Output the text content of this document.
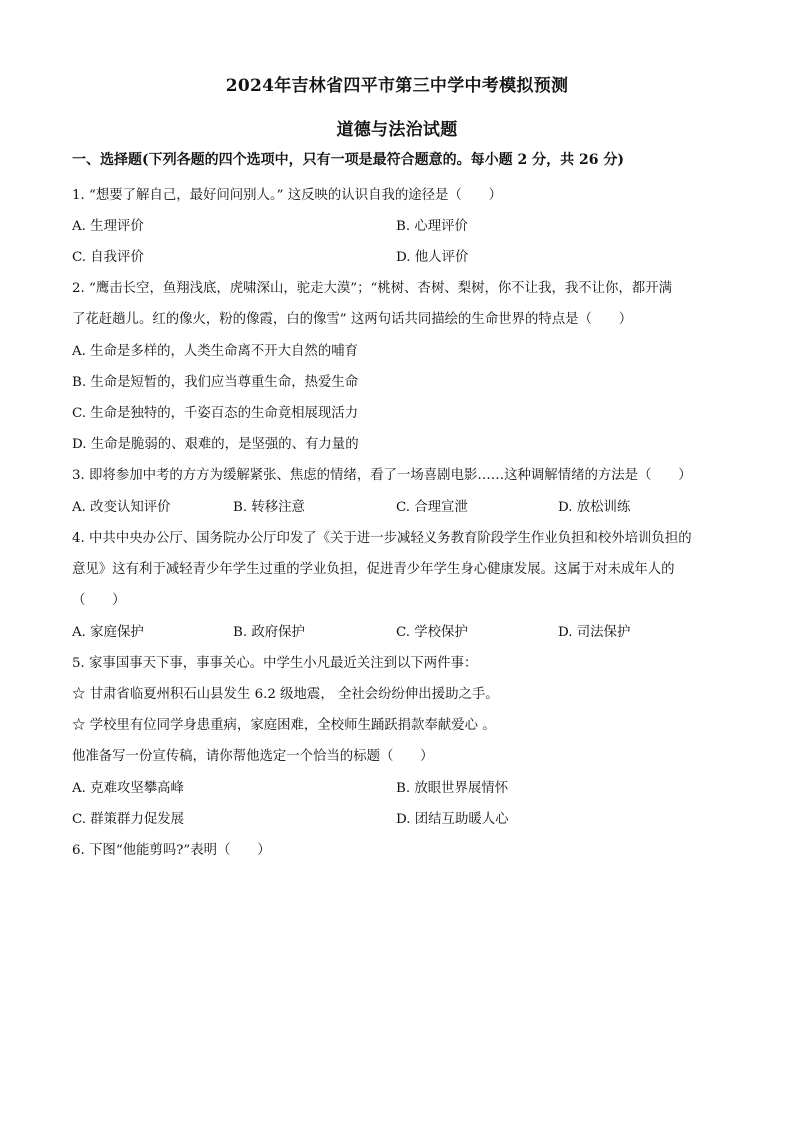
2024年吉林省四平市第三中学中考模拟预测
道德与法治试题
一、选择题(下列各题的四个选项中，只有一项是最符合题意的。每小题 2 分，共 26 分)
1. “想要了解自己，最好问问别人。” 这反映的认识自我的途径是（　　）
A. 生理评价	B. 心理评价
C. 自我评价	D. 他人评价
2. “鹰击长空，鱼翔浅底，虎啸深山，驼走大漠”；“桃树、杏树、梨树，你不让我，我不让你，都开满
了花赶趟儿。红的像火，粉的像霞，白的像雪” 这两句话共同描绘的生命世界的特点是（　　）
A. 生命是多样的，人类生命离不开大自然的哺育
B. 生命是短暂的，我们应当尊重生命，热爱生命
C. 生命是独特的，千姿百态的生命竟相展现活力
D. 生命是脆弱的、艰难的，是坚强的、有力量的
3. 即将参加中考的方方为缓解紧张、焦虑的情绪，看了一场喜剧电影……这种调解情绪的方法是（　　）
A. 改变认知评价	B. 转移注意	C. 合理宣泄	D. 放松训练
4. 中共中央办公厅、国务院办公厅印发了《关于进一步减轻义务教育阶段学生作业负担和校外培训负担的
意见》这有利于减轻青少年学生过重的学业负担，促进青少年学生身心健康发展。这属于对未成年人的
（　　）
A. 家庭保护	B. 政府保护	C. 学校保护	D. 司法保护
5. 家事国事天下事，事事关心。中学生小凡最近关注到以下两件事：
☆ 甘肃省临夏州积石山县发生 6.2 级地震， 全社会纷纷伸出援助之手。
☆ 学校里有位同学身患重病，家庭困难，全校师生踊跃捐款奉献爱心 。
他准备写一份宣传稿，请你帮他选定一个恰当的标题（　　）
A. 克难攻坚攀高峰	B. 放眼世界展情怀
C. 群策群力促发展	D. 团结互助暖人心
6. 下图“他能剪吗?”表明（　　）
